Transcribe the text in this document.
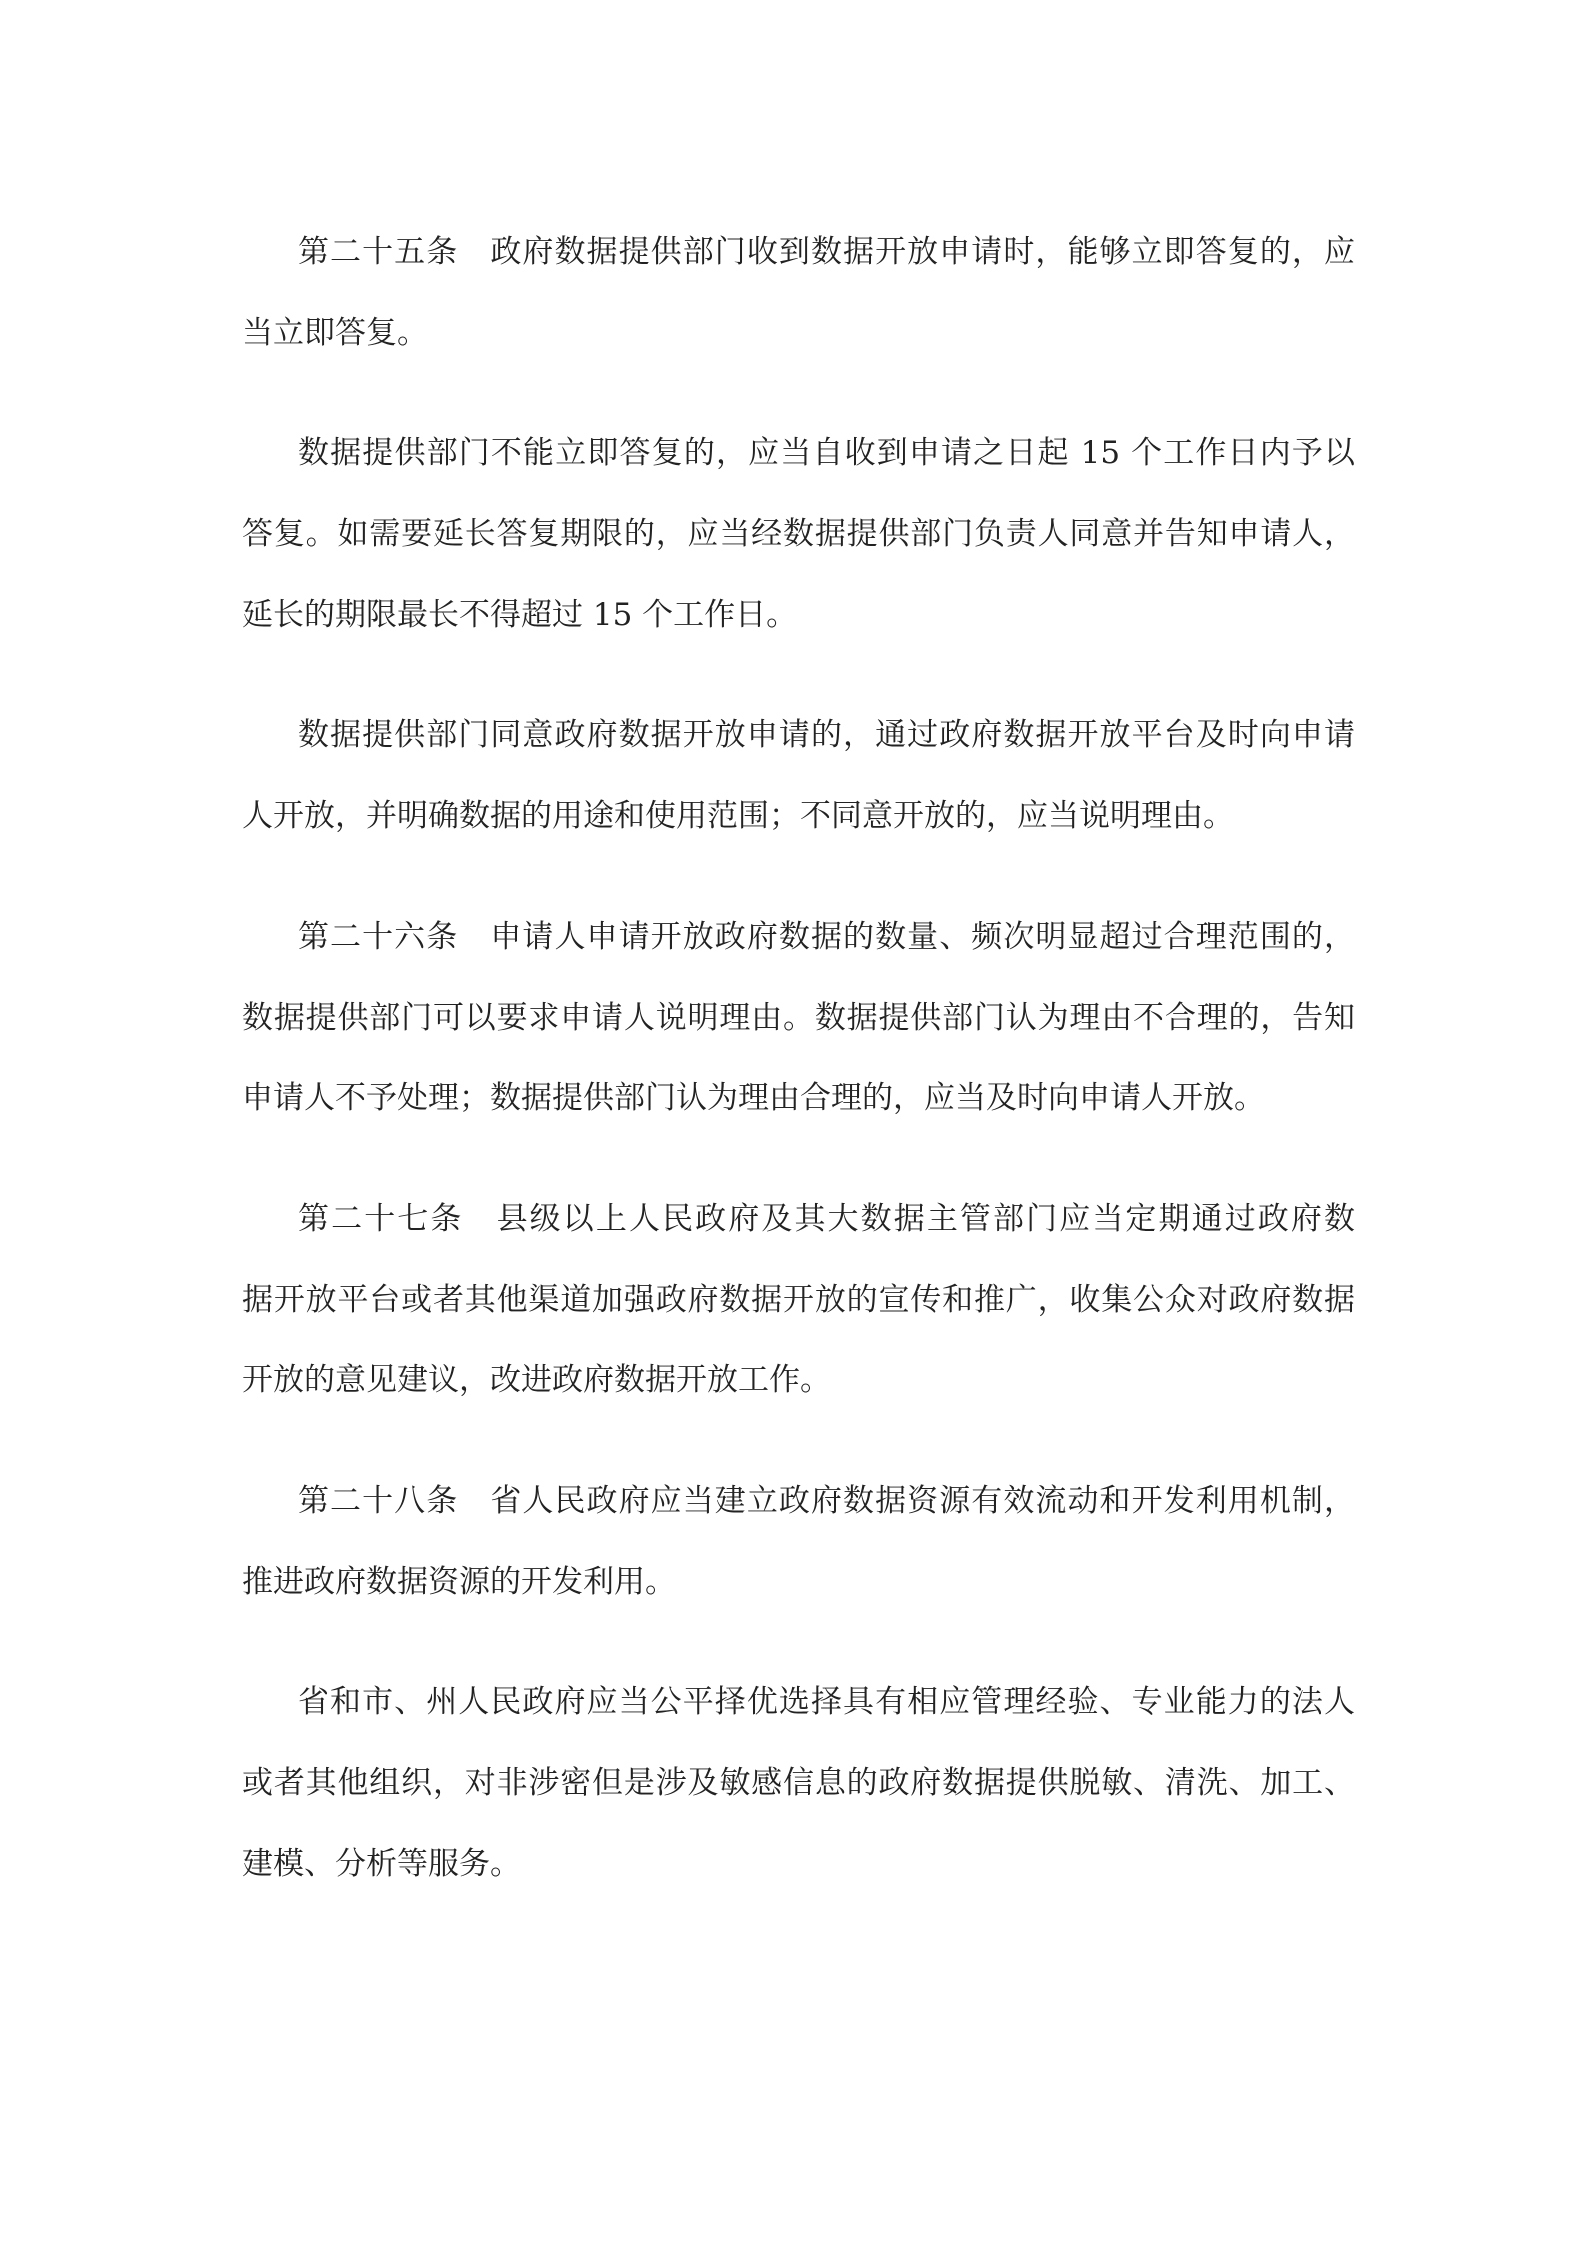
第二十五条　政府数据提供部门收到数据开放申请时，能够立即答复的，应
当立即答复。
数据提供部门不能立即答复的，应当自收到申请之日起 15 个工作日内予以
答复。如需要延长答复期限的，应当经数据提供部门负责人同意并告知申请人，
延长的期限最长不得超过 15 个工作日。
数据提供部门同意政府数据开放申请的，通过政府数据开放平台及时向申请
人开放，并明确数据的用途和使用范围；不同意开放的，应当说明理由。
第二十六条　申请人申请开放政府数据的数量、频次明显超过合理范围的，
数据提供部门可以要求申请人说明理由。数据提供部门认为理由不合理的，告知
申请人不予处理；数据提供部门认为理由合理的，应当及时向申请人开放。
第二十七条　县级以上人民政府及其大数据主管部门应当定期通过政府数
据开放平台或者其他渠道加强政府数据开放的宣传和推广，收集公众对政府数据
开放的意见建议，改进政府数据开放工作。
第二十八条　省人民政府应当建立政府数据资源有效流动和开发利用机制，
推进政府数据资源的开发利用。
省和市、州人民政府应当公平择优选择具有相应管理经验、专业能力的法人
或者其他组织，对非涉密但是涉及敏感信息的政府数据提供脱敏、清洗、加工、
建模、分析等服务。
